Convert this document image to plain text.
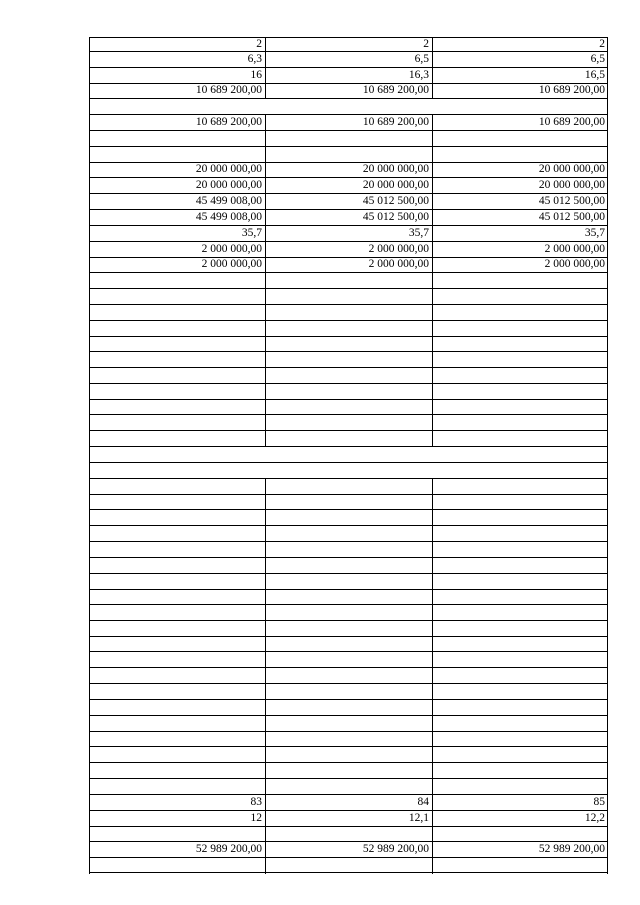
2	2	2
6,3	6,5	6,5
16	16,3	16,5
10 689 200,00	10 689 200,00	10 689 200,00
10 689 200,00	10 689 200,00	10 689 200,00
20 000 000,00	20 000 000,00	20 000 000,00
20 000 000,00	20 000 000,00	20 000 000,00
45 499 008,00	45 012 500,00	45 012 500,00
45 499 008,00	45 012 500,00	45 012 500,00
35,7	35,7	35,7
2 000 000,00	2 000 000,00	2 000 000,00
2 000 000,00	2 000 000,00	2 000 000,00
83	84	85
12	12,1	12,2
52 989 200,00	52 989 200,00	52 989 200,00
